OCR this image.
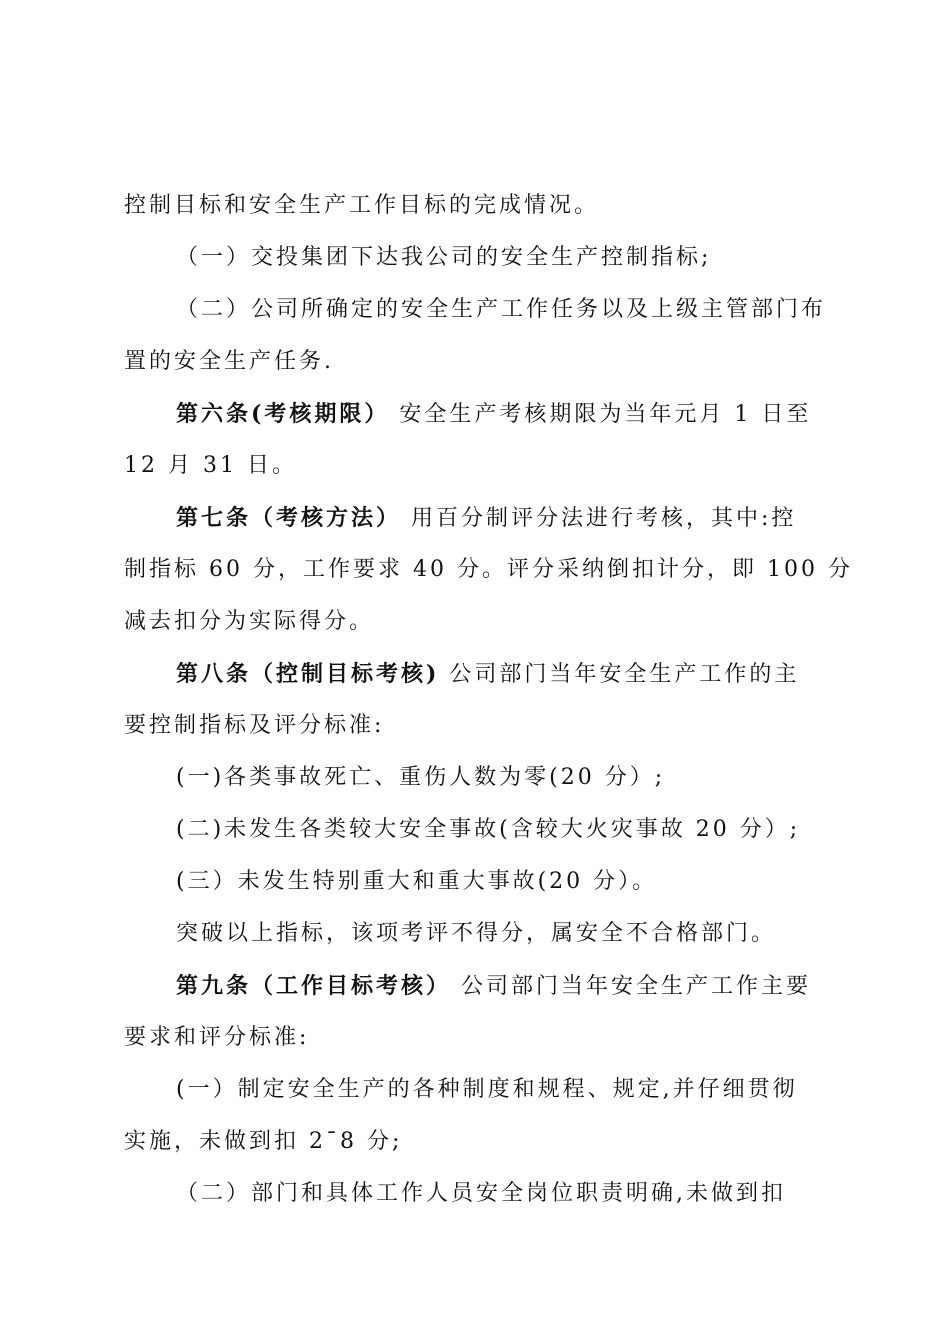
控制目标和安全生产工作目标的完成情况。

（一）交投集团下达我公司的安全生产控制指标;

（二）公司所确定的安全生产工作任务以及上级主管部门布

置的安全生产任务.

第六条(考核期限） 安全生产考核期限为当年元月 1 日至

12 月 31 日。

第七条（考核方法） 用百分制评分法进行考核，其中:控

制指标 60 分，工作要求 40 分。评分采纳倒扣计分，即 100 分

减去扣分为实际得分。

第八条（控制目标考核) 公司部门当年安全生产工作的主

要控制指标及评分标准:

(一)各类事故死亡、重伤人数为零(20 分）;

(二)未发生各类较大安全事故(含较大火灾事故 20 分）;

(三）未发生特别重大和重大事故(20 分）。

突破以上指标，该项考评不得分，属安全不合格部门。

第九条（工作目标考核） 公司部门当年安全生产工作主要

要求和评分标准:

(一）制定安全生产的各种制度和规程、规定,并仔细贯彻

实施，未做到扣 2¯8 分;

（二）部门和具体工作人员安全岗位职责明确,未做到扣
